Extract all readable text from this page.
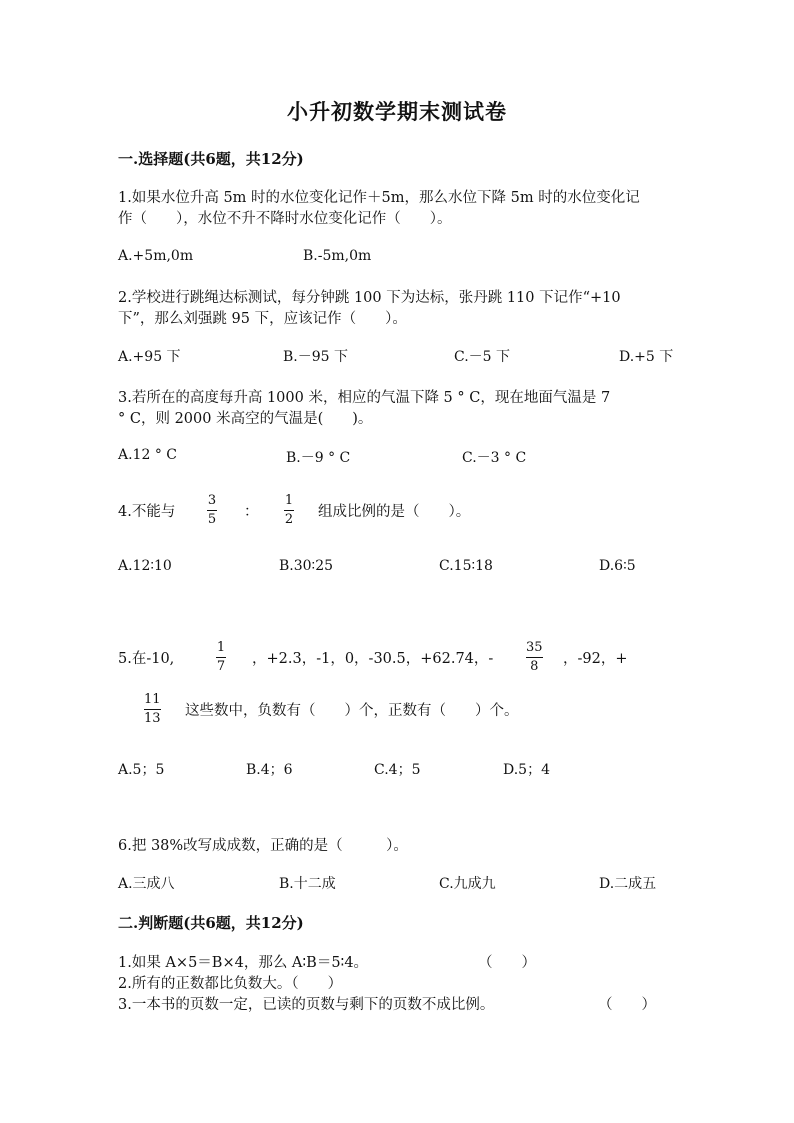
小升初数学期末测试卷
一.选择题(共6题，共12分)
1.如果水位升高 5m 时的水位变化记作＋5m，那么水位下降 5m 时的水位变化记
作（　　），水位不升不降时水位变化记作（　　）。
A.+5m,0m	B.-5m,0m
2.学校进行跳绳达标测试，每分钟跳 100 下为达标，张丹跳 110 下记作“+10
下”，那么刘强跳 95 下，应该记作（　　）。
A.+95 下	B.－95 下	C.－5 下	D.+5 下
3.若所在的高度每升高 1000 米，相应的气温下降 5 ° C，现在地面气温是 7
° C，则 2000 米高空的气温是(　　)。
A.12 ° C	B.－9 ° C	C.－3 ° C
4.不能与
3
5 ：
1
2 组成比例的是（　　）。
A.12∶10	B.30∶25	C.15∶18	D.6∶5
5.在-10,
1
7 ，+2.3，-1，0，-30.5，+62.74，-
35
8 ，-92，+
11
13 这些数中，负数有（　　）个，正数有（　　）个。
A.5；5	B.4；6	C.4；5	D.5；4
6.把 38%改写成成数，正确的是（　　　）。
A.三成八	B.十二成	C.九成九	D.二成五
二.判断题(共6题，共12分)
1.如果 A×5＝B×4，那么 A∶B＝5∶4。	（　　）
2.所有的正数都比负数大。（　　）
3.一本书的页数一定，已读的页数与剩下的页数不成比例。	（　　）
